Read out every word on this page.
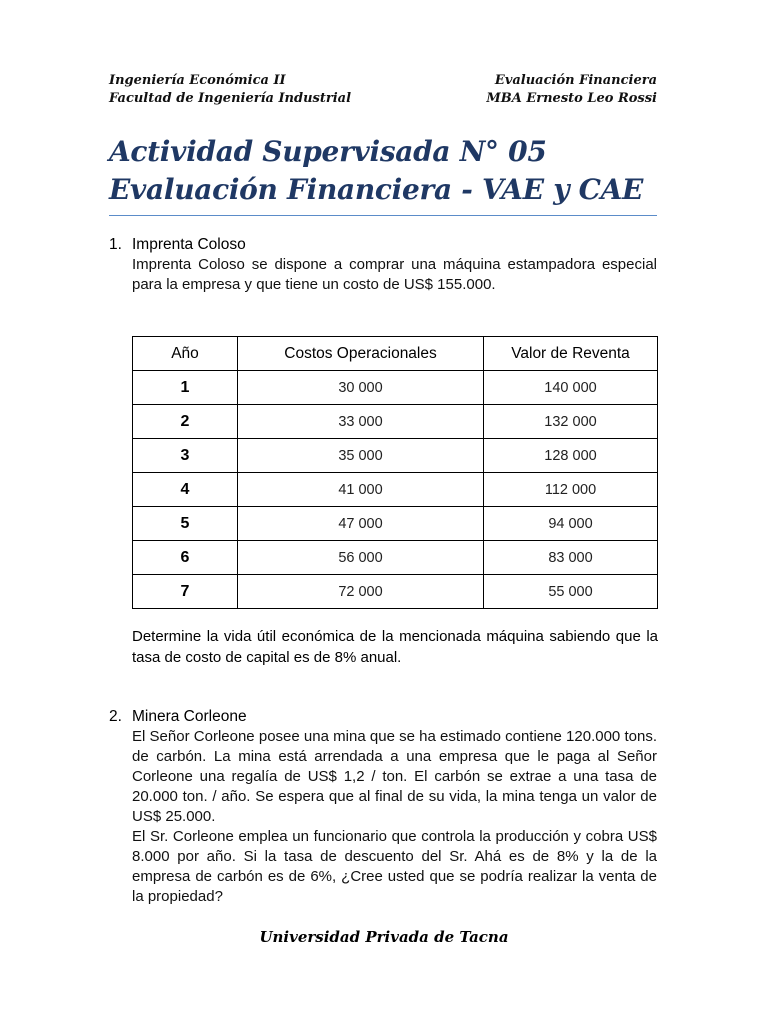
Ingeniería Económica II
Facultad de Ingeniería Industrial
Evaluación Financiera
MBA Ernesto Leo Rossi
Actividad Supervisada N° 05
Evaluación Financiera - VAE y CAE
1. Imprenta Coloso
Imprenta Coloso se dispone a comprar una máquina estampadora especial para la empresa y que tiene un costo de US$ 155.000.
Año	Costos Operacionales	Valor de Reventa
1	30 000	140 000
2	33 000	132 000
3	35 000	128 000
4	41 000	112 000
5	47 000	94 000
6	56 000	83 000
7	72 000	55 000
Determine la vida útil económica de la mencionada máquina sabiendo que la tasa de costo de capital es de 8% anual.
2. Minera Corleone
El Señor Corleone posee una mina que se ha estimado contiene 120.000 tons. de carbón. La mina está arrendada a una empresa que le paga al Señor Corleone una regalía de US$ 1,2 / ton. El carbón se extrae a una tasa de 20.000 ton. / año. Se espera que al final de su vida, la mina tenga un valor de US$ 25.000.
El Sr. Corleone emplea un funcionario que controla la producción y cobra US$ 8.000 por año. Si la tasa de descuento del Sr. Ahá es de 8% y la de la empresa de carbón es de 6%, ¿Cree usted que se podría realizar la venta de la propiedad?
Universidad Privada de Tacna
